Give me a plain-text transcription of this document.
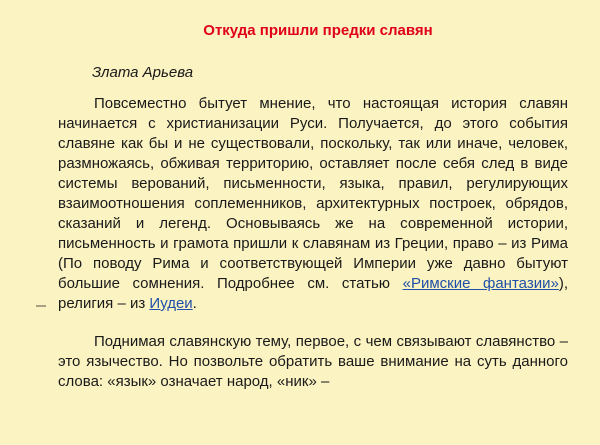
Откуда пришли предки славян

Злата Арьева

Повсеместно бытует мнение, что настоящая история славян начинается с христианизации Руси. Получается, до этого события славяне как бы и не существовали, поскольку, так или иначе, человек, размножаясь, обживая территорию, оставляет после себя след в виде системы верований, письменности, языка, правил, регулирующих взаимоотношения соплеменников, архитектурных построек, обрядов, сказаний и легенд. Основываясь же на современной истории, письменность и грамота пришли к славянам из Греции, право – из Рима (По поводу Рима и соответствующей Империи уже давно бытуют большие сомнения. Подробнее см. статью «Римские фантазии»), религия – из Иудеи.

Поднимая славянскую тему, первое, с чем связывают славянство – это язычество. Но позвольте обратить ваше внимание на суть данного слова: «язык» означает народ, «ник» –
